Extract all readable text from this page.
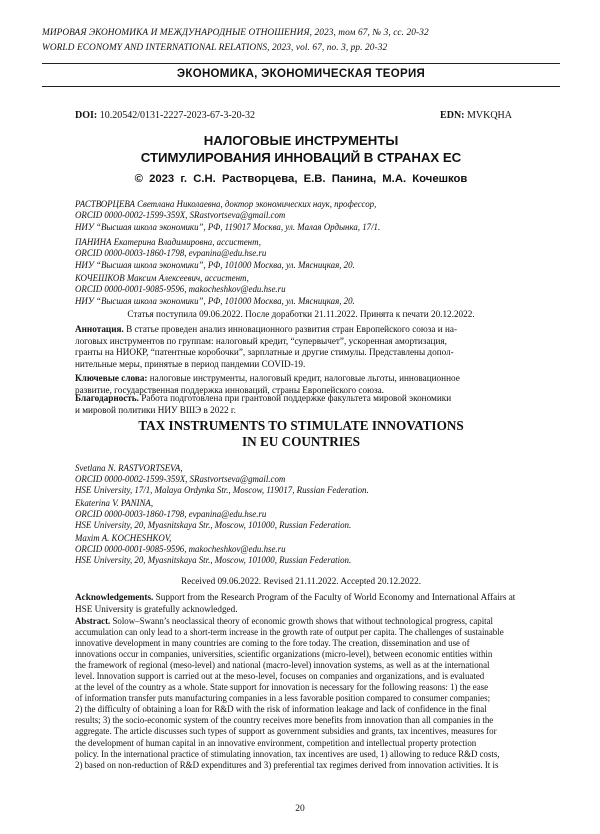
МИРОВАЯ ЭКОНОМИКА И МЕЖДУНАРОДНЫЕ ОТНОШЕНИЯ, 2023, том 67, № 3, сс. 20-32
WORLD ECONOMY AND INTERNATIONAL RELATIONS, 2023, vol. 67, no. 3, pp. 20-32
ЭКОНОМИКА, ЭКОНОМИЧЕСКАЯ ТЕОРИЯ
DOI: 10.20542/0131-2227-2023-67-3-20-32	EDN: MVKQHA
НАЛОГОВЫЕ ИНСТРУМЕНТЫ
СТИМУЛИРОВАНИЯ ИННОВАЦИЙ В СТРАНАХ ЕС
© 2023 г. С.Н. Растворцева, Е.В. Панина, М.А. Кочешков
РАСТВОРЦЕВА Светлана Николаевна, доктор экономических наук, профессор,
ORCID 0000-0002-1599-359X, SRastvortseva@gmail.com
НИУ “Высшая школа экономики”, РФ, 119017 Москва, ул. Малая Ордынка, 17/1.
ПАНИНА Екатерина Владимировна, ассистент,
ORCID 0000-0003-1860-1798, evpanina@edu.hse.ru
НИУ “Высшая школа экономики”, РФ, 101000 Москва, ул. Мясницкая, 20.
КОЧЕШКОВ Максим Алексеевич, ассистент,
ORCID 0000-0001-9085-9596, makocheshkov@edu.hse.ru
НИУ “Высшая школа экономики”, РФ, 101000 Москва, ул. Мясницкая, 20.
Статья поступила 09.06.2022. После доработки 21.11.2022. Принята к печати 20.12.2022.
Аннотация. В статье проведен анализ инновационного развития стран Европейского союза и на-
логовых инструментов по группам: налоговый кредит, “супервычет”, ускоренная амортизация,
гранты на НИОКР, “патентные коробочки”, зарплатные и другие стимулы. Представлены допол-
нительные меры, принятые в период пандемии COVID-19.
Ключевые слова: налоговые инструменты, налоговый кредит, налоговые льготы, инновационное
развитие, государственная поддержка инноваций, страны Европейского союза.
Благодарность. Работа подготовлена при грантовой поддержке факультета мировой экономики
и мировой политики НИУ ВШЭ в 2022 г.
TAX INSTRUMENTS TO STIMULATE INNOVATIONS
IN EU COUNTRIES
Svetlana N. RASTVORTSEVA,
ORCID 0000-0002-1599-359X, SRastvortseva@gmail.com
HSE University, 17/1, Malaya Ordynka Str., Moscow, 119017, Russian Federation.
Ekaterina V. PANINA,
ORCID 0000-0003-1860-1798, evpanina@edu.hse.ru
HSE University, 20, Myasnitskaya Str., Moscow, 101000, Russian Federation.
Maxim A. KOCHESHKOV,
ORCID 0000-0001-9085-9596, makocheshkov@edu.hse.ru
HSE University, 20, Myasnitskaya Str., Moscow, 101000, Russian Federation.
Received 09.06.2022. Revised 21.11.2022. Accepted 20.12.2022.
Acknowledgements. Support from the Research Program of the Faculty of World Economy and International Affairs at
HSE University is gratefully acknowledged.
Abstract. Solow–Swann’s neoclassical theory of economic growth shows that without technological progress, capital
accumulation can only lead to a short-term increase in the growth rate of output per capita. The challenges of sustainable
innovative development in many countries are coming to the fore today. The creation, dissemination and use of
innovations occur in companies, universities, scientific organizations (micro-level), between economic entities within
the framework of regional (meso-level) and national (macro-level) innovation systems, as well as at the international
level. Innovation support is carried out at the meso-level, focuses on companies and organizations, and is evaluated
at the level of the country as a whole. State support for innovation is necessary for the following reasons: 1) the ease
of information transfer puts manufacturing companies in a less favorable position compared to consumer companies;
2) the difficulty of obtaining a loan for R&D with the risk of information leakage and lack of confidence in the final
results; 3) the socio-economic system of the country receives more benefits from innovation than all companies in the
aggregate. The article discusses such types of support as government subsidies and grants, tax incentives, measures for
the development of human capital in an innovative environment, competition and intellectual property protection
policy. In the international practice of stimulating innovation, tax incentives are used, 1) allowing to reduce R&D costs,
2) based on non-reduction of R&D expenditures and 3) preferential tax regimes derived from innovation activities. It is
20
